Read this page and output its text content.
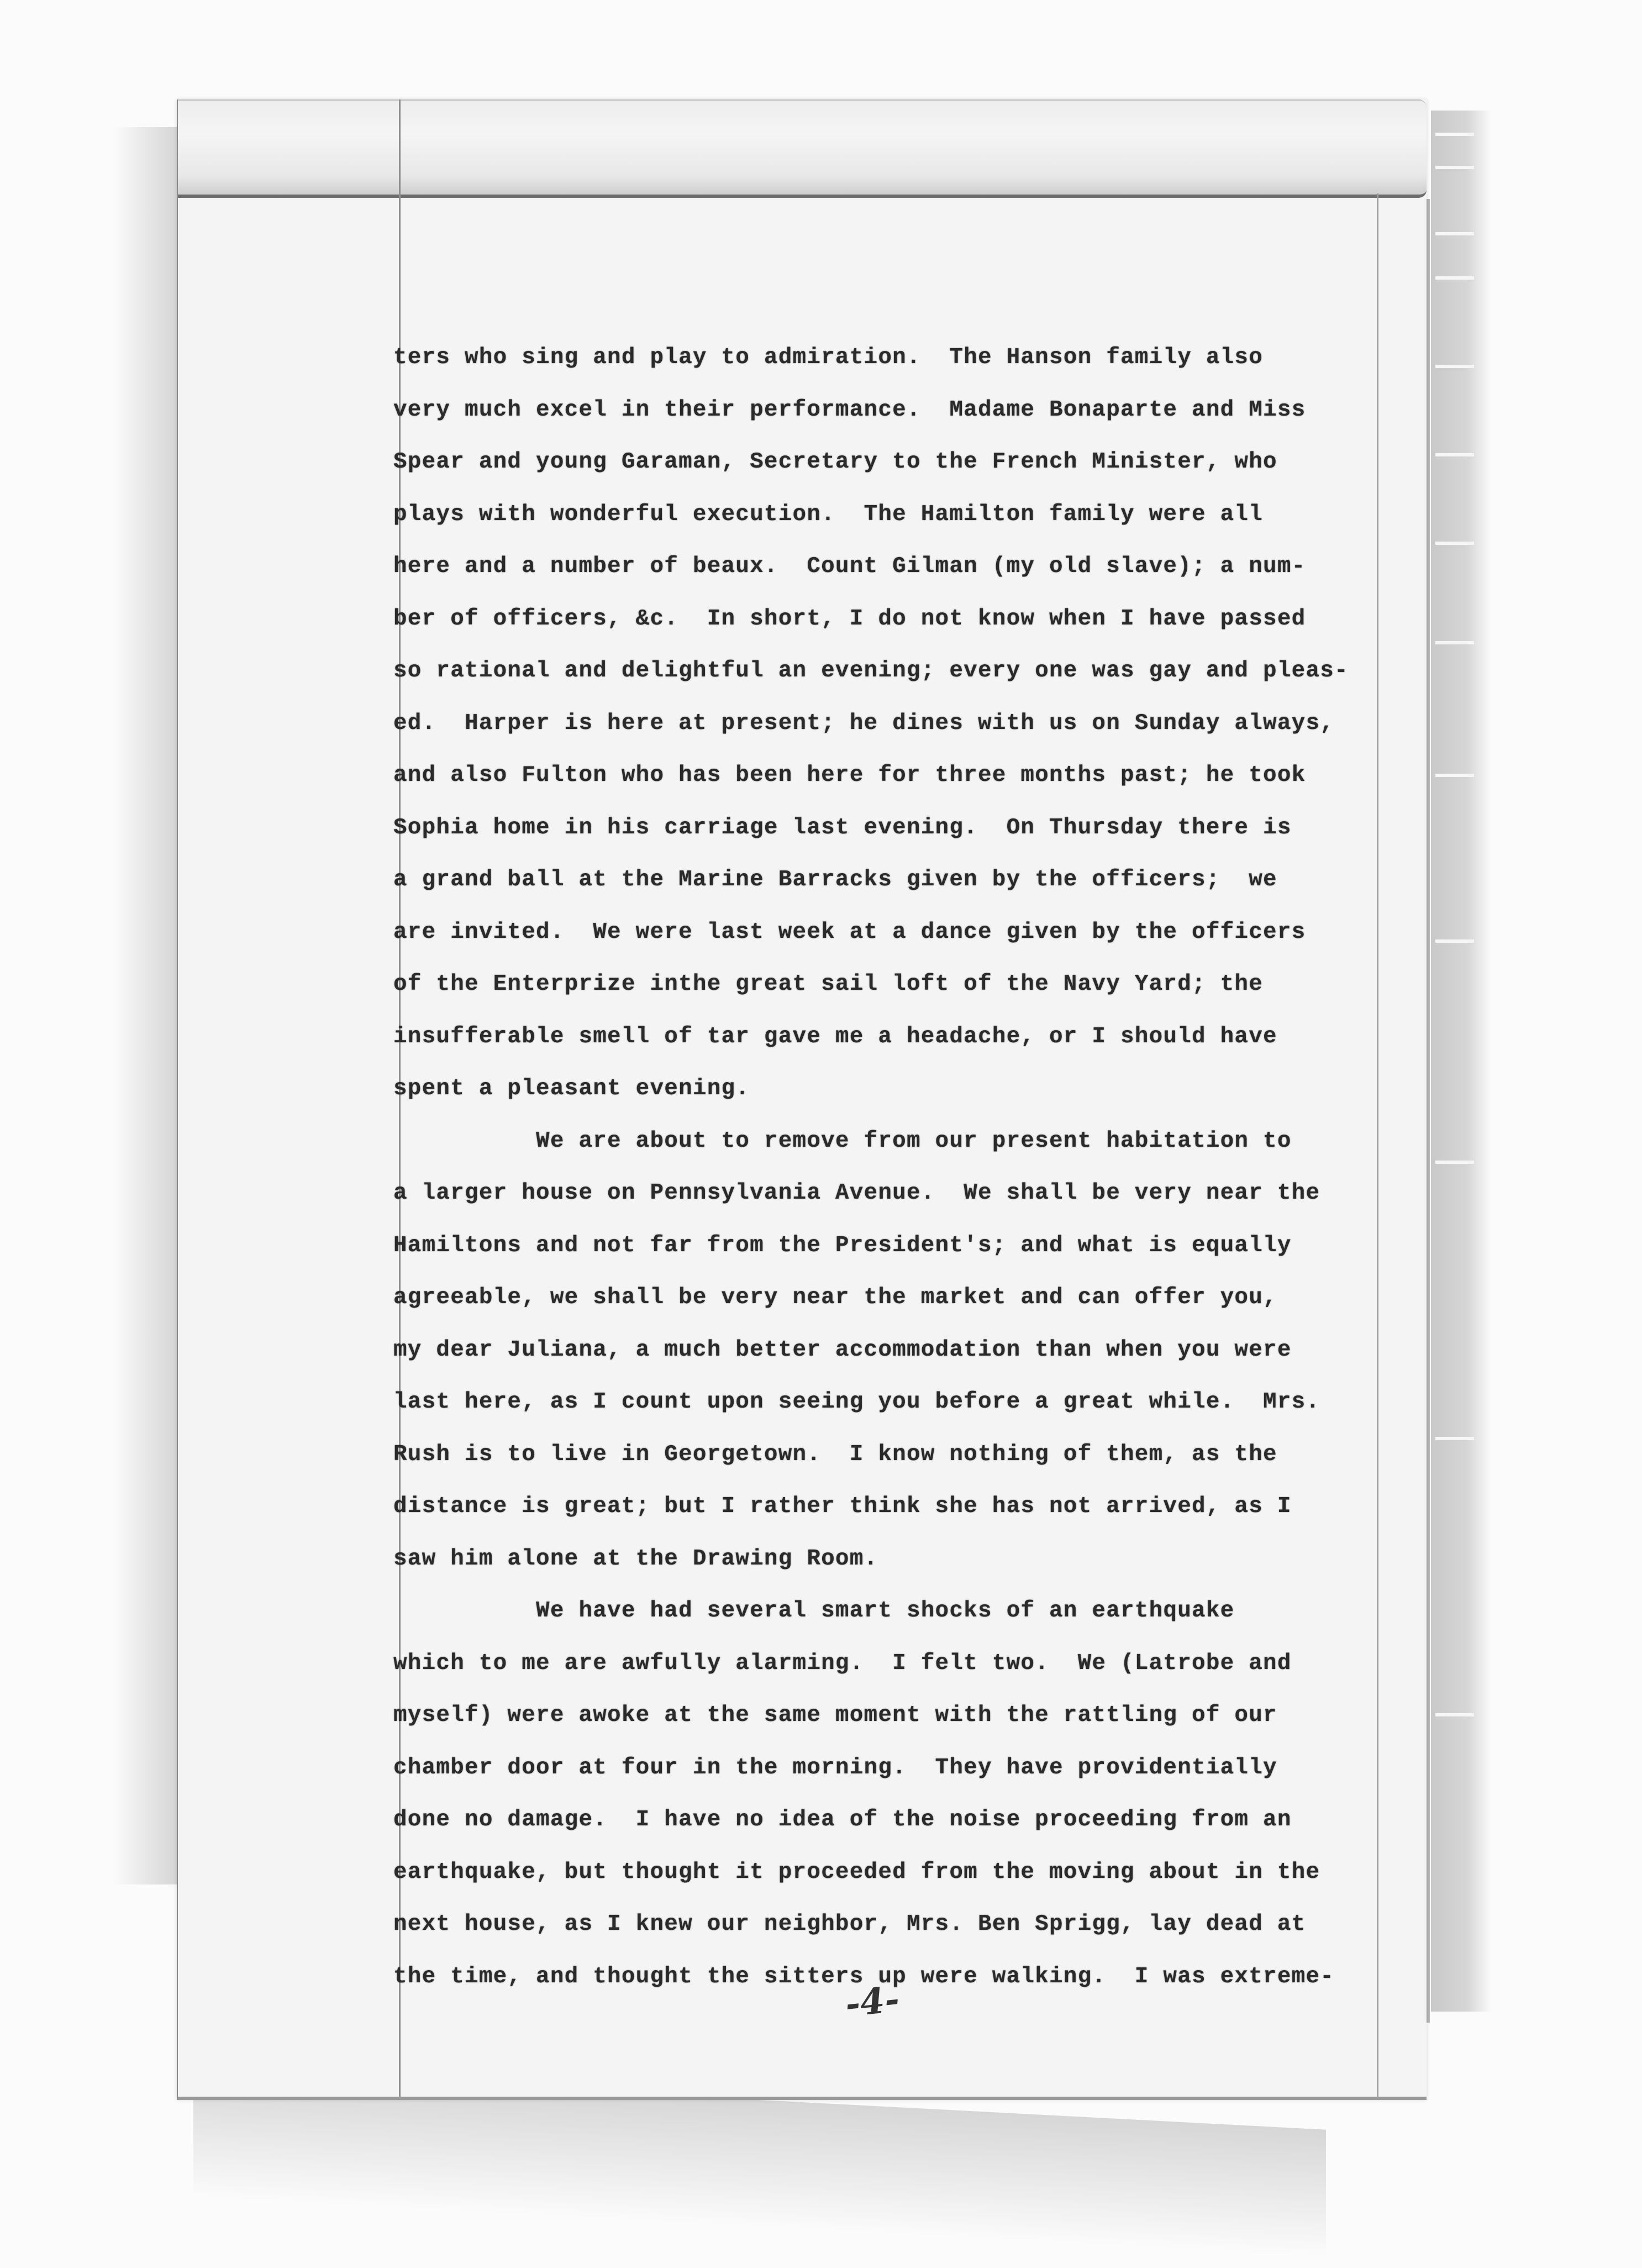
ters who sing and play to admiration.  The Hanson family also
very much excel in their performance.  Madame Bonaparte and Miss
Spear and young Garaman, Secretary to the French Minister, who
plays with wonderful execution.  The Hamilton family were all
here and a number of beaux.  Count Gilman (my old slave); a num-
ber of officers, &c.  In short, I do not know when I have passed
so rational and delightful an evening; every one was gay and pleas-
ed.  Harper is here at present; he dines with us on Sunday always,
and also Fulton who has been here for three months past; he took
Sophia home in his carriage last evening.  On Thursday there is
a grand ball at the Marine Barracks given by the officers;  we
are invited.  We were last week at a dance given by the officers
of the Enterprize inthe great sail loft of the Navy Yard; the
insufferable smell of tar gave me a headache, or I should have
spent a pleasant evening.
We are about to remove from our present habitation to
a larger house on Pennsylvania Avenue.  We shall be very near the
Hamiltons and not far from the President's; and what is equally
agreeable, we shall be very near the market and can offer you,
my dear Juliana, a much better accommodation than when you were
last here, as I count upon seeing you before a great while.  Mrs.
Rush is to live in Georgetown.  I know nothing of them, as the
distance is great; but I rather think she has not arrived, as I
saw him alone at the Drawing Room.
We have had several smart shocks of an earthquake
which to me are awfully alarming.  I felt two.  We (Latrobe and
myself) were awoke at the same moment with the rattling of our
chamber door at four in the morning.  They have providentially
done no damage.  I have no idea of the noise proceeding from an
earthquake, but thought it proceeded from the moving about in the
next house, as I knew our neighbor, Mrs. Ben Sprigg, lay dead at
the time, and thought the sitters up were walking.  I was extreme-
-4-
